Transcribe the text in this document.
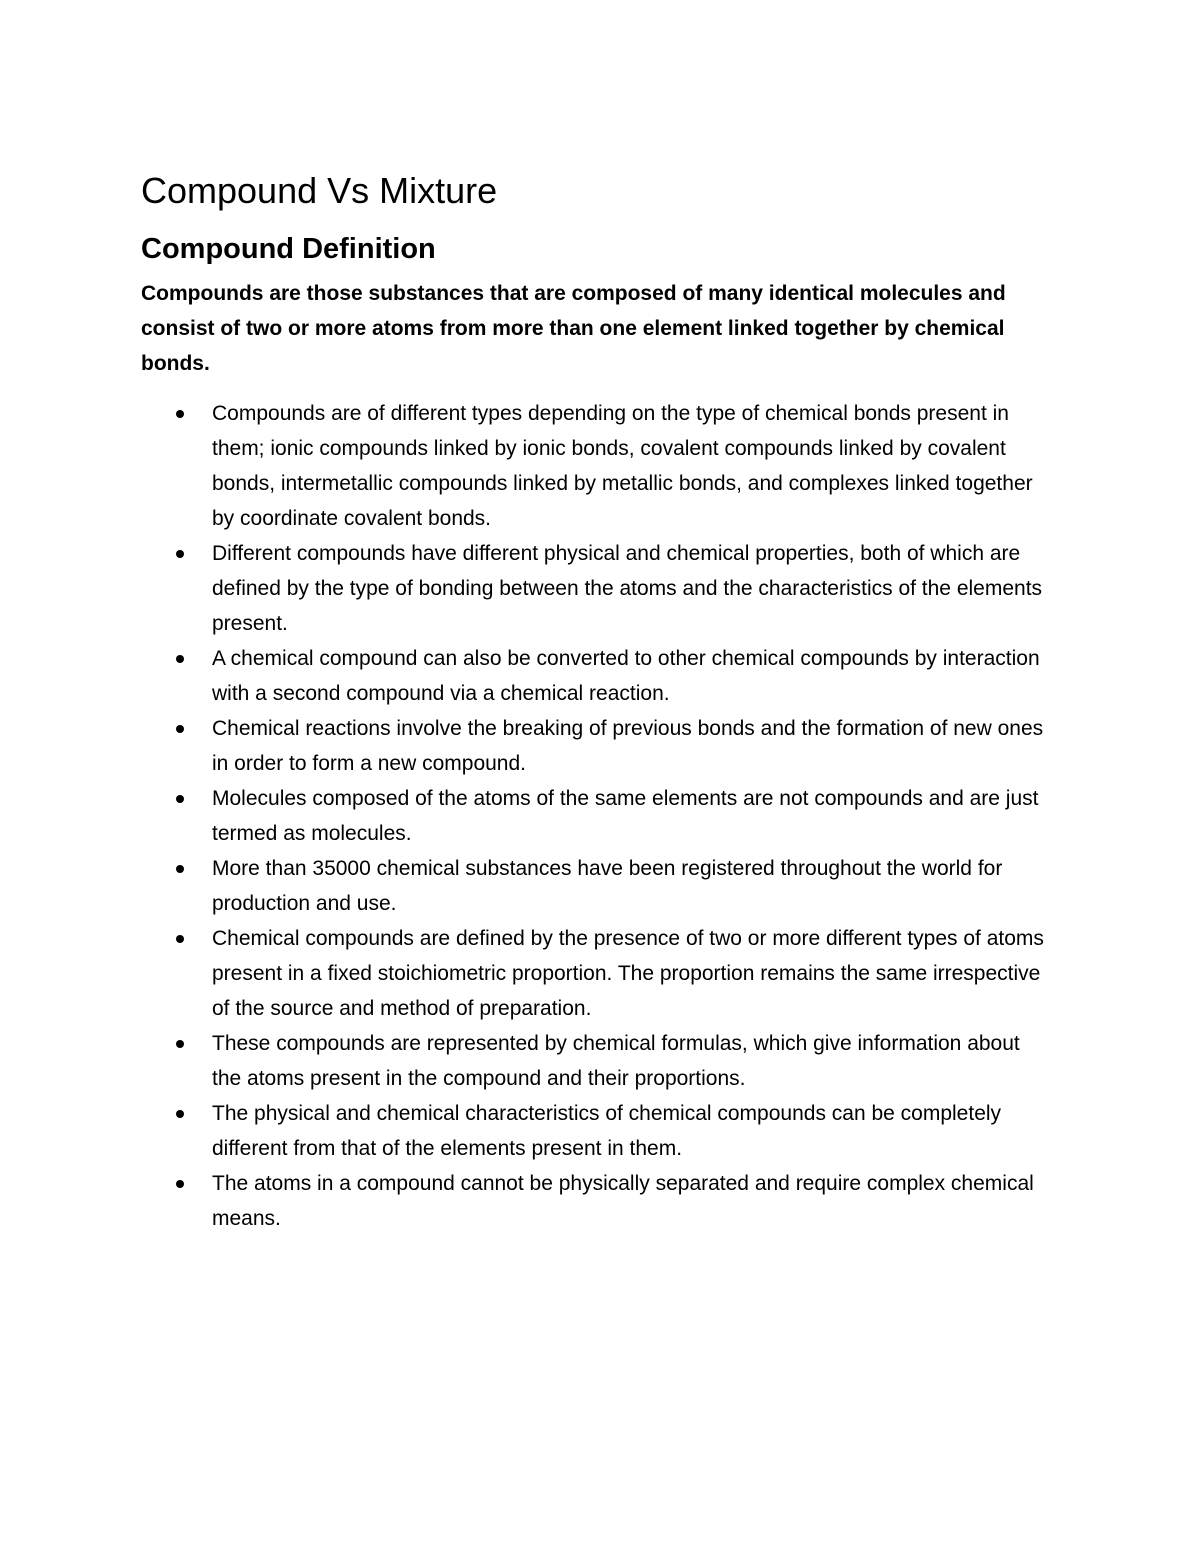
Compound Vs Mixture
Compound Definition

Compounds are those substances that are composed of many identical molecules and consist of two or more atoms from more than one element linked together by chemical bonds.

Compounds are of different types depending on the type of chemical bonds present in them; ionic compounds linked by ionic bonds, covalent compounds linked by covalent bonds, intermetallic compounds linked by metallic bonds, and complexes linked together by coordinate covalent bonds.
Different compounds have different physical and chemical properties, both of which are defined by the type of bonding between the atoms and the characteristics of the elements present.
A chemical compound can also be converted to other chemical compounds by interaction with a second compound via a chemical reaction.
Chemical reactions involve the breaking of previous bonds and the formation of new ones in order to form a new compound.
Molecules composed of the atoms of the same elements are not compounds and are just termed as molecules.
More than 35000 chemical substances have been registered throughout the world for production and use.
Chemical compounds are defined by the presence of two or more different types of atoms present in a fixed stoichiometric proportion. The proportion remains the same irrespective of the source and method of preparation.
These compounds are represented by chemical formulas, which give information about the atoms present in the compound and their proportions.
The physical and chemical characteristics of chemical compounds can be completely different from that of the elements present in them.
The atoms in a compound cannot be physically separated and require complex chemical means.
